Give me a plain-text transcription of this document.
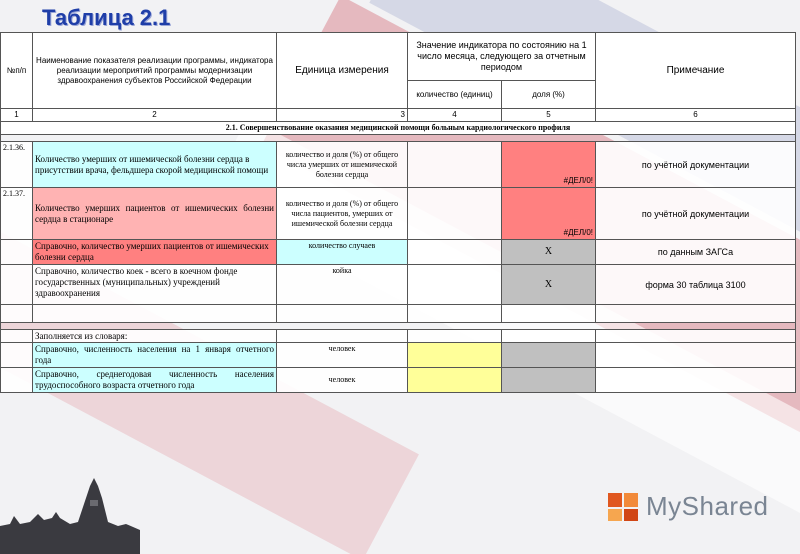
Таблица 2.1
№п/п	Наименование показателя реализации программы, индикатора реализации мероприятий программы модернизации здравоохранения субъектов Российской Федерации	Единица измерения	Значение индикатора по состоянию на 1 число месяца, следующего за отчетным периодом		Примечание
			количество (единиц)	доля (%)	
1	2	3	4	5	6
2.1. Совершенствование оказания медицинской помощи больным кардиологического профиля					

2.1.36.	Количество умерших от ишемической болезни сердца в присутствии врача, фельдшера скорой медицинской помощи	количество и доля (%) от общего числа умерших от ишемической болезни сердца		#ДЕЛ/0!	по учётной документации
2.1.37.	Количество умерших пациентов от ишемических болезни сердца в стационаре	количество и доля (%) от общего числа пациентов, умерших от ишемической болезни сердца		#ДЕЛ/0!	по учётной документации
	Справочно, количество умерших пациентов от ишемических болезни сердца	количество случаев		Х	по данным ЗАГСа
	Справочно, количество коек - всего в коечном фонде государственных (муниципальных) учреждений здравоохранения	койка		Х	форма 30 таблица 3100

	Заполняется из словаря:				
	Справочно, численность населения на 1 января отчетного года	человек			
	Справочно, среднегодовая численность населения трудоспособного возраста отчетного года	человек			
MyShared
